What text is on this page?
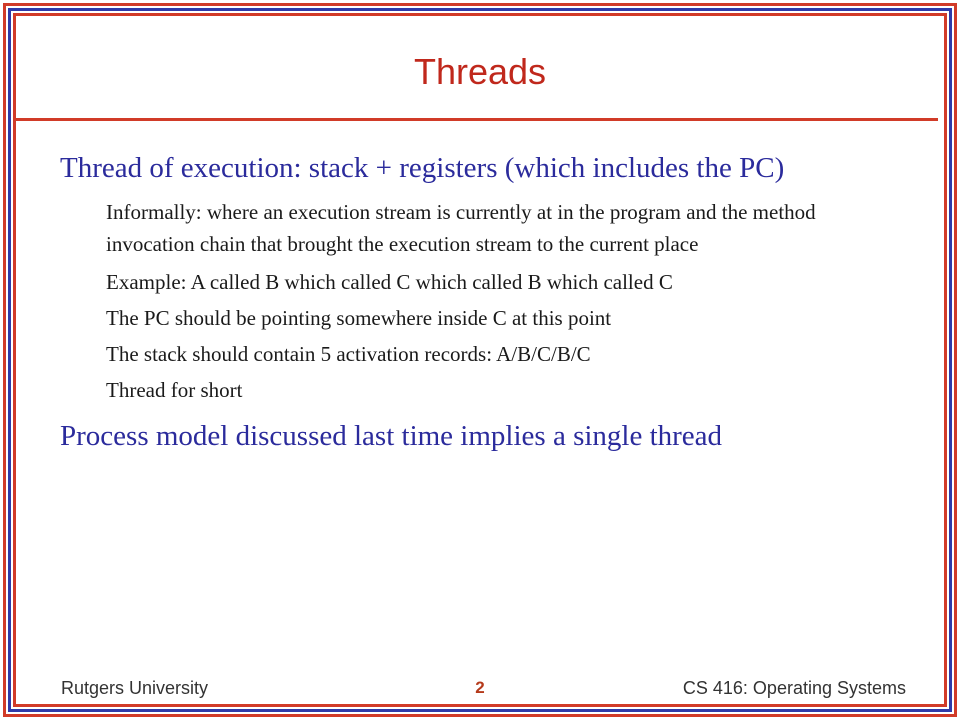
Threads

Thread of execution: stack + registers (which includes the PC)

Informally: where an execution stream is currently at in the program and the method invocation chain that brought the execution stream to the current place

Example: A called B which called C which called B which called C

The PC should be pointing somewhere inside C at this point

The stack should contain 5 activation records: A/B/C/B/C

Thread for short

Process model discussed last time implies a single thread

Rutgers University	2	CS 416: Operating Systems
